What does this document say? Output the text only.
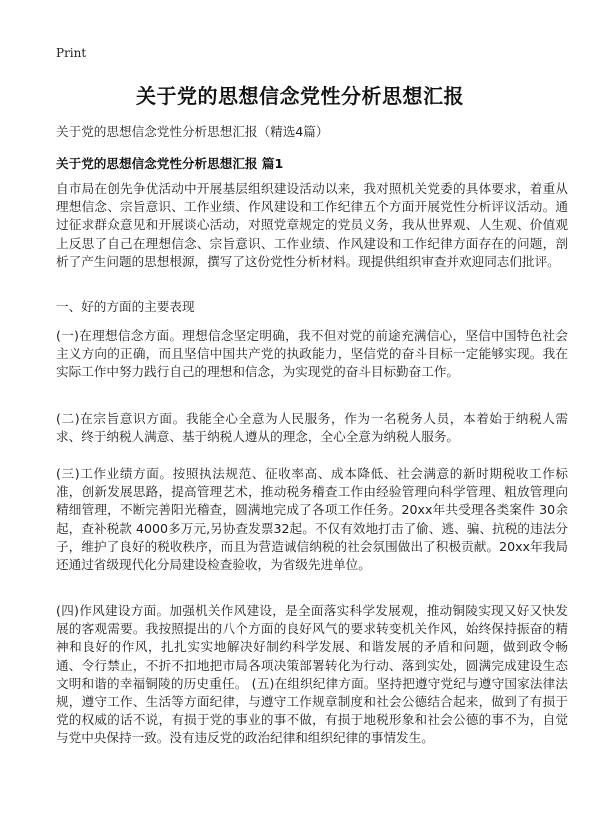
Print
关于党的思想信念党性分析思想汇报
关于党的思想信念党性分析思想汇报（精选4篇）
关于党的思想信念党性分析思想汇报 篇1

自市局在创先争优活动中开展基层组织建设活动以来，我对照机关党委的具体要求，着重从理想信念、宗旨意识、工作业绩、作风建设和工作纪律五个方面开展党性分析评议活动。通过征求群众意见和开展谈心活动，对照党章规定的党员义务，我从世界观、人生观、价值观上反思了自己在理想信念、宗旨意识、工作业绩、作风建设和工作纪律方面存在的问题，剖析了产生问题的思想根源，撰写了这份党性分析材料。现提供组织审查并欢迎同志们批评。

一、好的方面的主要表现

(一)在理想信念方面。理想信念坚定明确，我不但对党的前途充满信心，坚信中国特色社会主义方向的正确，而且坚信中国共产党的执政能力，坚信党的奋斗目标一定能够实现。我在实际工作中努力践行自己的理想和信念，为实现党的奋斗目标勤奋工作。

(二)在宗旨意识方面。我能全心全意为人民服务，作为一名税务人员，本着始于纳税人需求、终于纳税人满意、基于纳税人遵从的理念，全心全意为纳税人服务。

(三)工作业绩方面。按照执法规范、征收率高、成本降低、社会满意的新时期税收工作标准，创新发展思路，提高管理艺术，推动税务稽查工作由经验管理向科学管理、粗放管理向精细管理，不断完善阳光稽查，圆满地完成了各项工作任务。20xx年共受理各类案件 30余起，查补税款 4000多万元,另协查发票32起。不仅有效地打击了偷、逃、骗、抗税的违法分子，维护了良好的税收秩序，而且为营造诚信纳税的社会氛围做出了积极贡献。20xx年我局还通过省级现代化分局建设检查验收，为省级先进单位。

(四)作风建设方面。加强机关作风建设，是全面落实科学发展观，推动铜陵实现又好又快发展的客观需要。我按照提出的八个方面的良好风气的要求转变机关作风，始终保持振奋的精神和良好的作风，扎扎实实地解决好制约科学发展、和谐发展的矛盾和问题，做到政令畅通、令行禁止，不折不扣地把市局各项决策部署转化为行动、落到实处，圆满完成建设生态文明和谐的幸福铜陵的历史重任。 (五)在组织纪律方面。坚持把遵守党纪与遵守国家法律法规，遵守工作、生活等方面纪律，与遵守工作规章制度和社会公德结合起来，做到了有损于党的权威的话不说，有损于党的事业的事不做，有损于地税形象和社会公德的事不为，自觉与党中央保持一致。没有违反党的政治纪律和组织纪律的事情发生。
